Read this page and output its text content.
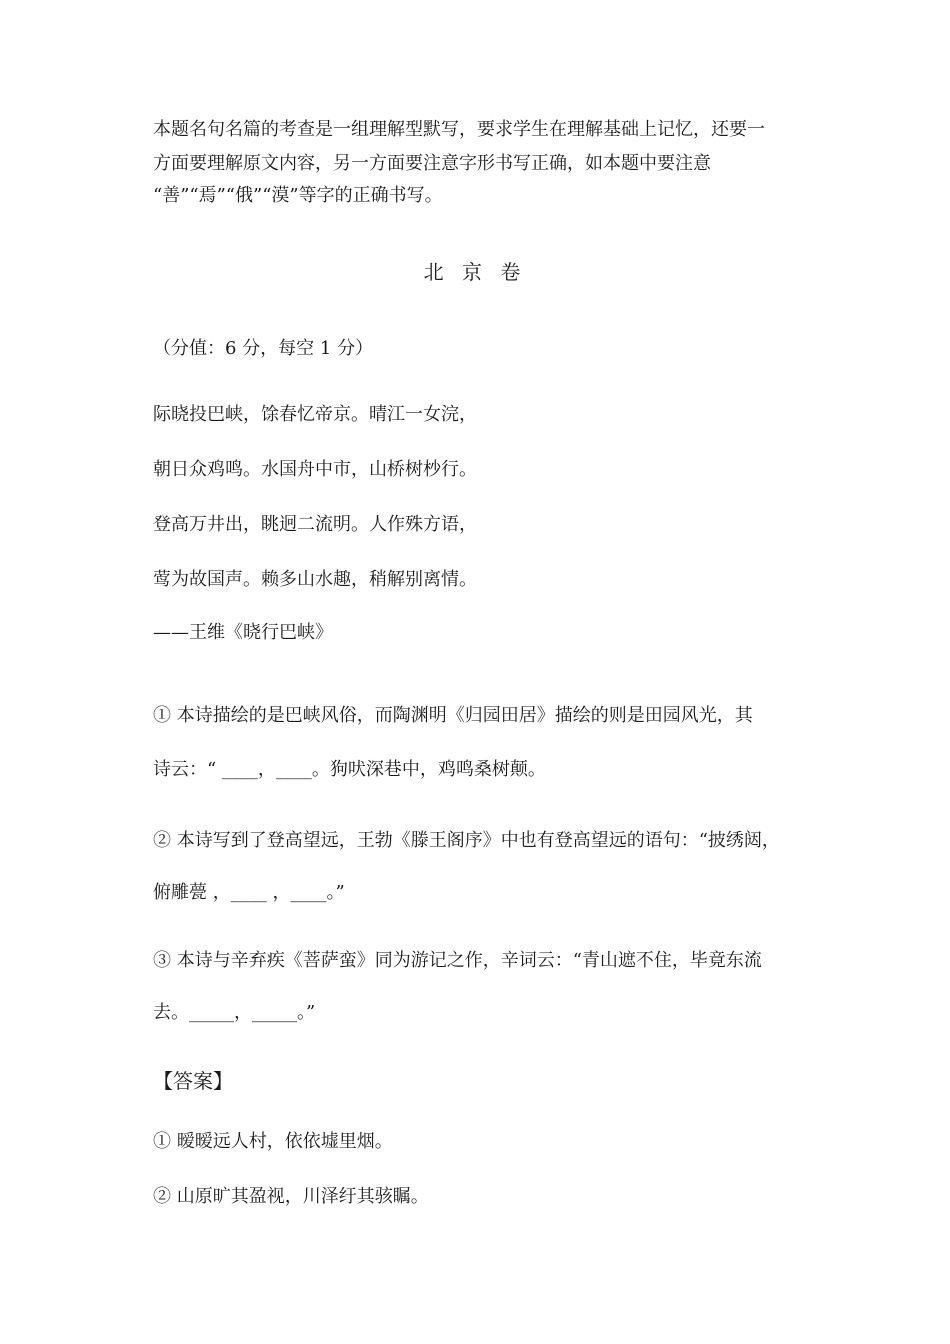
本题名句名篇的考查是一组理解型默写，要求学生在理解基础上记忆，还要一
方面要理解原文内容，另一方面要注意字形书写正确，如本题中要注意
“善”“焉”“俄”“漠”等字的正确书写。
北 京 卷
（分值：6 分，每空 1 分）
际晓投巴峡，馀春忆帝京。晴江一女浣，
朝日众鸡鸣。水国舟中市，山桥树杪行。
登高万井出，眺迥二流明。人作殊方语，
莺为故国声。赖多山水趣，稍解别离情。
——王维《晓行巴峡》
① 本诗描绘的是巴峡风俗，而陶渊明《归园田居》描绘的则是田园风光，其
诗云：“ ____，____。狗吠深巷中，鸡鸣桑树颠。
② 本诗写到了登高望远，王勃《滕王阁序》中也有登高望远的语句：“披绣闼，
俯雕甍 ，____ ，____。”
③ 本诗与辛弃疾《菩萨蛮》同为游记之作，辛词云：“青山遮不住，毕竟东流
去。_____，_____。”
【答案】
① 暧暧远人村，依依墟里烟。
② 山原旷其盈视，川泽纡其骇瞩。
